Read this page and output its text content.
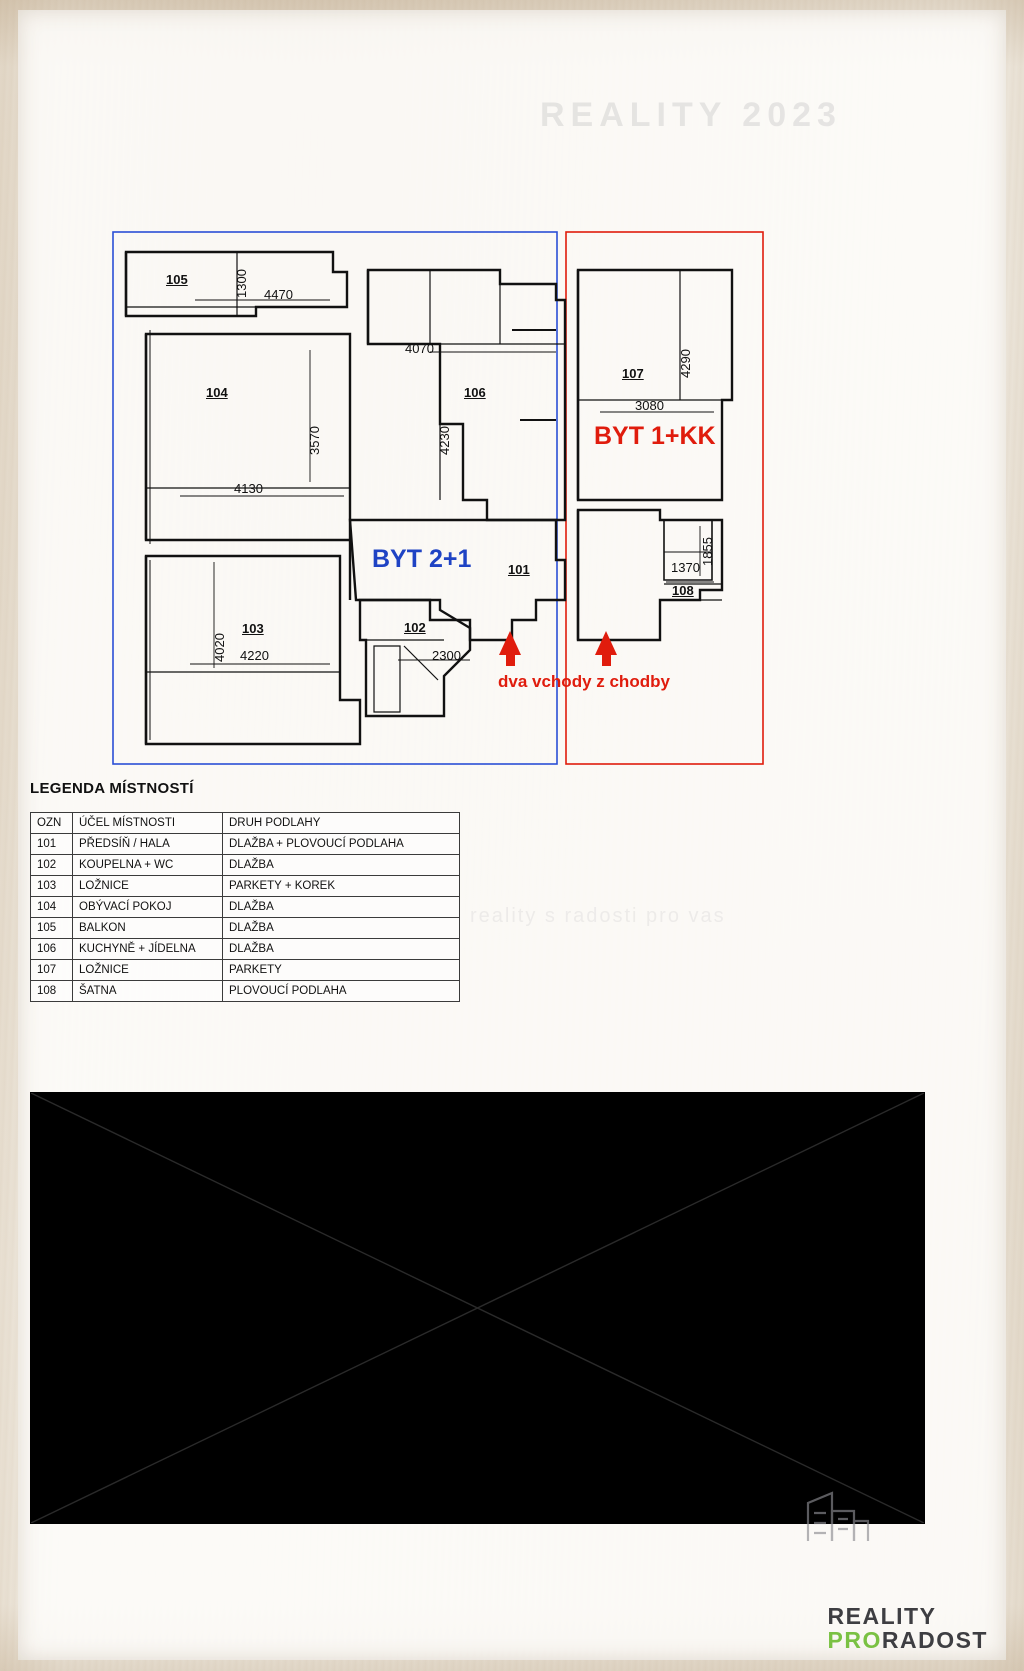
REALITY 2023
reality s radosti pro vas
105
104	106
107
103	102
101
108
1300 4470
4070
4290
3080
3570	4230
4130
1855
1370
4020 4220	2300
BYT 2+1
BYT 1+KK
dva vchody z chodby
LEGENDA MÍSTNOSTÍ
OZN	ÚČEL MÍSTNOSTI	DRUH PODLAHY
101	PŘEDSÍŇ / HALA	DLAŽBA + PLOVOUCÍ PODLAHA
102	KOUPELNA + WC	DLAŽBA
103	LOŽNICE	PARKETY + KOREK
104	OBÝVACÍ POKOJ	DLAŽBA
105	BALKON	DLAŽBA
106	KUCHYNĚ + JÍDELNA	DLAŽBA
107	LOŽNICE	PARKETY
108	ŠATNA	PLOVOUCÍ PODLAHA
REALITY
PRORADOST
